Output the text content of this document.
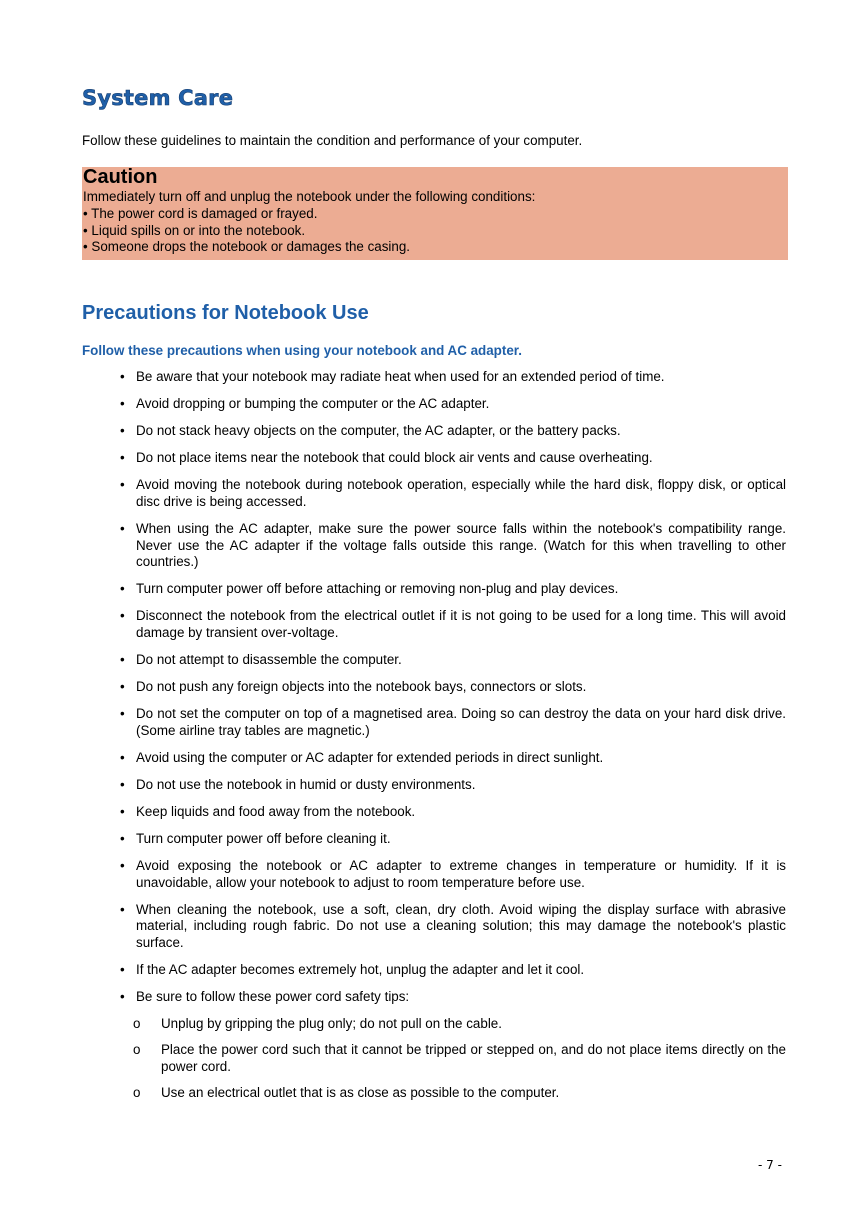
System Care
Follow these guidelines to maintain the condition and performance of your computer.
Caution
Immediately turn off and unplug the notebook under the following conditions:
• The power cord is damaged or frayed.
• Liquid spills on or into the notebook.
• Someone drops the notebook or damages the casing.
Precautions for Notebook Use
Follow these precautions when using your notebook and AC adapter.
• Be aware that your notebook may radiate heat when used for an extended period of time.
• Avoid dropping or bumping the computer or the AC adapter.
• Do not stack heavy objects on the computer, the AC adapter, or the battery packs.
• Do not place items near the notebook that could block air vents and cause overheating.
• Avoid moving the notebook during notebook operation, especially while the hard disk, floppy disk, or optical disc drive is being accessed.
• When using the AC adapter, make sure the power source falls within the notebook's compatibility range. Never use the AC adapter if the voltage falls outside this range. (Watch for this when travelling to other countries.)
• Turn computer power off before attaching or removing non-plug and play devices.
• Disconnect the notebook from the electrical outlet if it is not going to be used for a long time. This will avoid damage by transient over-voltage.
• Do not attempt to disassemble the computer.
• Do not push any foreign objects into the notebook bays, connectors or slots.
• Do not set the computer on top of a magnetised area. Doing so can destroy the data on your hard disk drive. (Some airline tray tables are magnetic.)
• Avoid using the computer or AC adapter for extended periods in direct sunlight.
• Do not use the notebook in humid or dusty environments.
• Keep liquids and food away from the notebook.
• Turn computer power off before cleaning it.
• Avoid exposing the notebook or AC adapter to extreme changes in temperature or humidity. If it is unavoidable, allow your notebook to adjust to room temperature before use.
• When cleaning the notebook, use a soft, clean, dry cloth. Avoid wiping the display surface with abrasive material, including rough fabric. Do not use a cleaning solution; this may damage the notebook's plastic surface.
• If the AC adapter becomes extremely hot, unplug the adapter and let it cool.
• Be sure to follow these power cord safety tips:
o Unplug by gripping the plug only; do not pull on the cable.
o Place the power cord such that it cannot be tripped or stepped on, and do not place items directly on the power cord.
o Use an electrical outlet that is as close as possible to the computer.
- 7 -
